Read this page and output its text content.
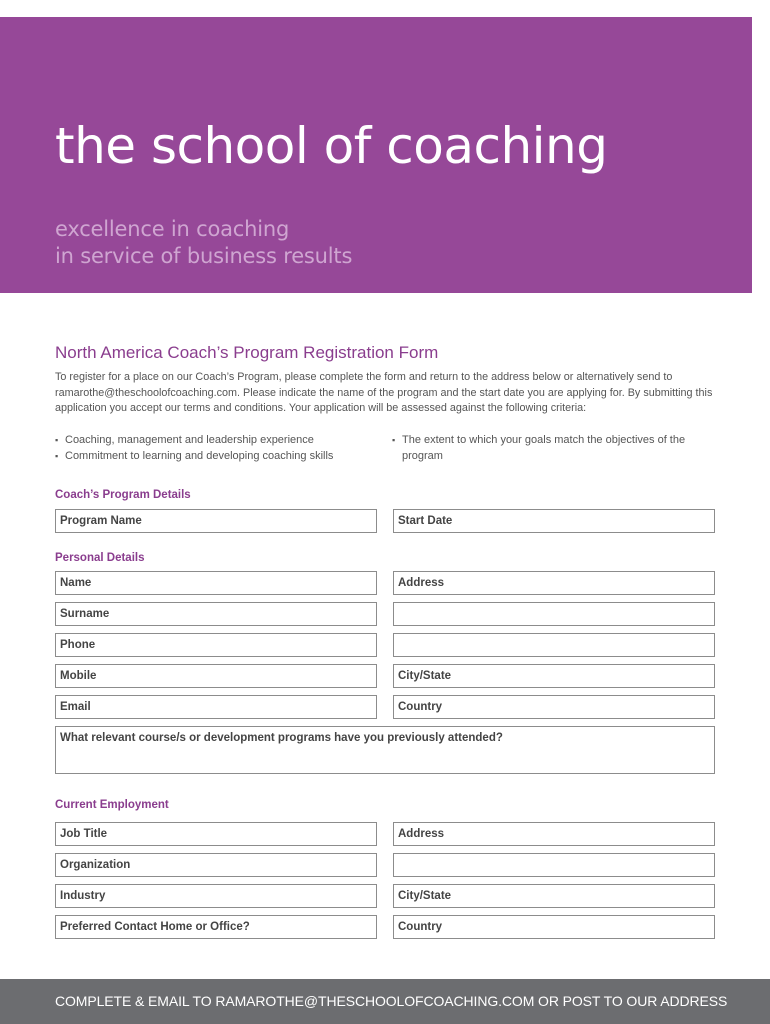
the school of coaching
excellence in coaching
in service of business results
North America Coach’s Program Registration Form

To register for a place on our Coach’s Program, please complete the form and return to the address below or alternatively send to ramarothe@theschoolofcoaching.com. Please indicate the name of the program and the start date you are applying for. By submitting this application you accept our terms and conditions. Your application will be assessed against the following criteria:

▪ Coaching, management and leadership experience
▪ Commitment to learning and developing coaching skills
▪ The extent to which your goals match the objectives of the program
Coach’s Program Details
Program Name	Start Date
Personal Details
Name	Address
Surname
Phone
Mobile	City/State
Email	Country
What relevant course/s or development programs have you previously attended?
Current Employment
Job Title	Address
Organization
Industry	City/State
Preferred Contact Home or Office?	Country
COMPLETE & EMAIL TO RAMAROTHE@THESCHOOLOFCOACHING.COM OR POST TO OUR ADDRESS
